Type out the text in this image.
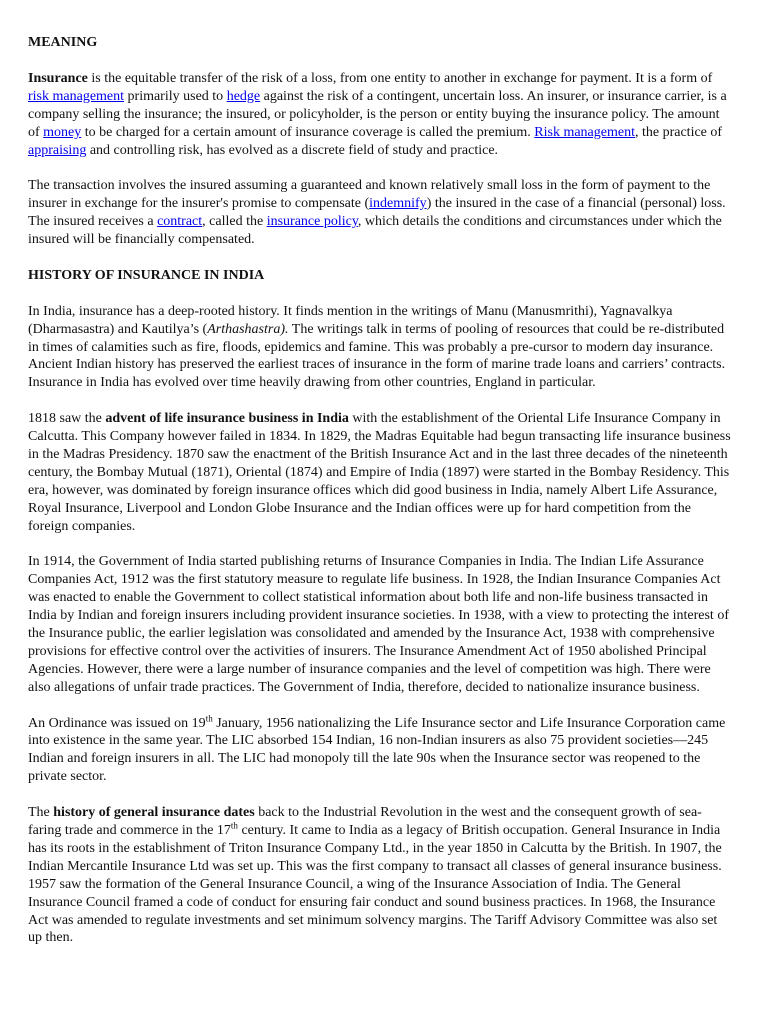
MEANING

Insurance is the equitable transfer of the risk of a loss, from one entity to another in exchange for payment. It is a form of risk management primarily used to hedge against the risk of a contingent, uncertain loss. An insurer, or insurance carrier, is a company selling the insurance; the insured, or policyholder, is the person or entity buying the insurance policy. The amount of money to be charged for a certain amount of insurance coverage is called the premium. Risk management, the practice of appraising and controlling risk, has evolved as a discrete field of study and practice.

The transaction involves the insured assuming a guaranteed and known relatively small loss in the form of payment to the insurer in exchange for the insurer's promise to compensate (indemnify) the insured in the case of a financial (personal) loss. The insured receives a contract, called the insurance policy, which details the conditions and circumstances under which the insured will be financially compensated.

HISTORY OF INSURANCE IN INDIA

In India, insurance has a deep-rooted history. It finds mention in the writings of Manu (Manusmrithi), Yagnavalkya (Dharmasastra) and Kautilya’s (Arthashastra). The writings talk in terms of pooling of resources that could be re-distributed in times of calamities such as fire, floods, epidemics and famine. This was probably a pre-cursor to modern day insurance. Ancient Indian history has preserved the earliest traces of insurance in the form of marine trade loans and carriers’ contracts. Insurance in India has evolved over time heavily drawing from other countries, England in particular.

1818 saw the advent of life insurance business in India with the establishment of the Oriental Life Insurance Company in Calcutta. This Company however failed in 1834. In 1829, the Madras Equitable had begun transacting life insurance business in the Madras Presidency. 1870 saw the enactment of the British Insurance Act and in the last three decades of the nineteenth century, the Bombay Mutual (1871), Oriental (1874) and Empire of India (1897) were started in the Bombay Residency. This era, however, was dominated by foreign insurance offices which did good business in India, namely Albert Life Assurance, Royal Insurance, Liverpool and London Globe Insurance and the Indian offices were up for hard competition from the foreign companies.

In 1914, the Government of India started publishing returns of Insurance Companies in India. The Indian Life Assurance Companies Act, 1912 was the first statutory measure to regulate life business. In 1928, the Indian Insurance Companies Act was enacted to enable the Government to collect statistical information about both life and non-life business transacted in India by Indian and foreign insurers including provident insurance societies. In 1938, with a view to protecting the interest of the Insurance public, the earlier legislation was consolidated and amended by the Insurance Act, 1938 with comprehensive provisions for effective control over the activities of insurers. The Insurance Amendment Act of 1950 abolished Principal Agencies. However, there were a large number of insurance companies and the level of competition was high. There were also allegations of unfair trade practices. The Government of India, therefore, decided to nationalize insurance business.

An Ordinance was issued on 19th January, 1956 nationalizing the Life Insurance sector and Life Insurance Corporation came into existence in the same year. The LIC absorbed 154 Indian, 16 non-Indian insurers as also 75 provident societies—245 Indian and foreign insurers in all. The LIC had monopoly till the late 90s when the Insurance sector was reopened to the private sector.

The history of general insurance dates back to the Industrial Revolution in the west and the consequent growth of sea-faring trade and commerce in the 17th century. It came to India as a legacy of British occupation. General Insurance in India has its roots in the establishment of Triton Insurance Company Ltd., in the year 1850 in Calcutta by the British. In 1907, the Indian Mercantile Insurance Ltd was set up. This was the first company to transact all classes of general insurance business. 1957 saw the formation of the General Insurance Council, a wing of the Insurance Association of India. The General Insurance Council framed a code of conduct for ensuring fair conduct and sound business practices. In 1968, the Insurance Act was amended to regulate investments and set minimum solvency margins. The Tariff Advisory Committee was also set up then.
